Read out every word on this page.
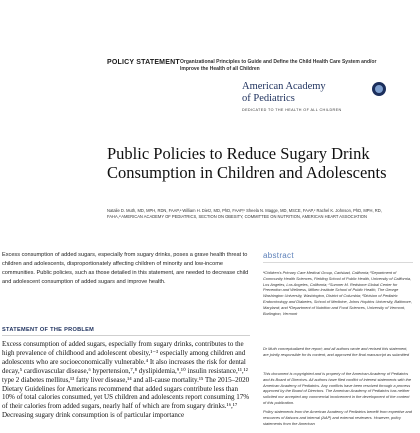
POLICY STATEMENT Organizational Principles to Guide and Define the Child Health Care System and/or Improve the Health of all Children
American Academy
of Pediatrics
DEDICATED TO THE HEALTH OF ALL CHILDREN
Public Policies to Reduce Sugary Drink Consumption in Children and Adolescents
Natalie D. Muth, MD, MPH, RDN, FAAP,ᵃ William H. Dietz, MD, PhD, FAAP,ᵇ Sheela N. Magge, MD, MSCE, FAAP,ᶜ Rachel K. Johnson, PhD, MPH, RD, FAHA,ᵈ AMERICAN ACADEMY OF PEDIATRICS, SECTION ON OBESITY, COMMITTEE ON NUTRITION, AMERICAN HEART ASSOCIATION
Excess consumption of added sugars, especially from sugary drinks, poses a grave health threat to children and adolescents, disproportionately affecting children of minority and low-income communities. Public policies, such as those detailed in this statement, are needed to decrease child and adolescent consumption of added sugars and improve health.
abstract
ᵃChildren's Primary Care Medical Group, Carlsbad, California; ᵇDepartment of Community Health Sciences, Fielding School of Public Health, University of California, Los Angeles, Los Angeles, California; ᶜSumner M. Redstone Global Center for Prevention and Wellness, Milken Institute School of Public Health, The George Washington University, Washington, District of Columbia; ᵈDivision of Pediatric Endocrinology and Diabetes, School of Medicine, Johns Hopkins University, Baltimore, Maryland; and ᵉDepartment of Nutrition and Food Sciences, University of Vermont, Burlington, Vermont
Dr Muth conceptualized the report; and all authors wrote and revised this statement, are jointly responsible for its content, and approved the final manuscript as submitted
This document is copyrighted and is property of the American Academy of Pediatrics and its Board of Directors. All authors have filed conflict of interest statements with the American Academy of Pediatrics. Any conflicts have been resolved through a process approved by the Board of Directors. The American Academy of Pediatrics has neither solicited nor accepted any commercial involvement in the development of the content of this publication.
Policy statements from the American Academy of Pediatrics benefit from expertise and resources of liaisons and internal (AAP) and external reviewers. However, policy statements from the American
STATEMENT OF THE PROBLEM
Excess consumption of added sugars, especially from sugary drinks, contributes to the high prevalence of childhood and adolescent obesity,¹⁻³ especially among children and adolescents who are socioeconomically vulnerable.⁴ It also increases the risk for dental decay,⁵ cardiovascular disease,⁶ hypertension,⁷,⁸ dyslipidemia,⁹,¹⁰ insulin resistance,¹¹,¹² type 2 diabetes mellitus,¹³ fatty liver disease,¹⁴ and all-cause mortality.¹⁵ The 2015–2020 Dietary Guidelines for Americans recommend that added sugars contribute less than 10% of total calories consumed, yet US children and adolescents report consuming 17% of their calories from added sugars, nearly half of which are from sugary drinks.¹⁶,¹⁷ Decreasing sugary drink consumption is of particular importance
